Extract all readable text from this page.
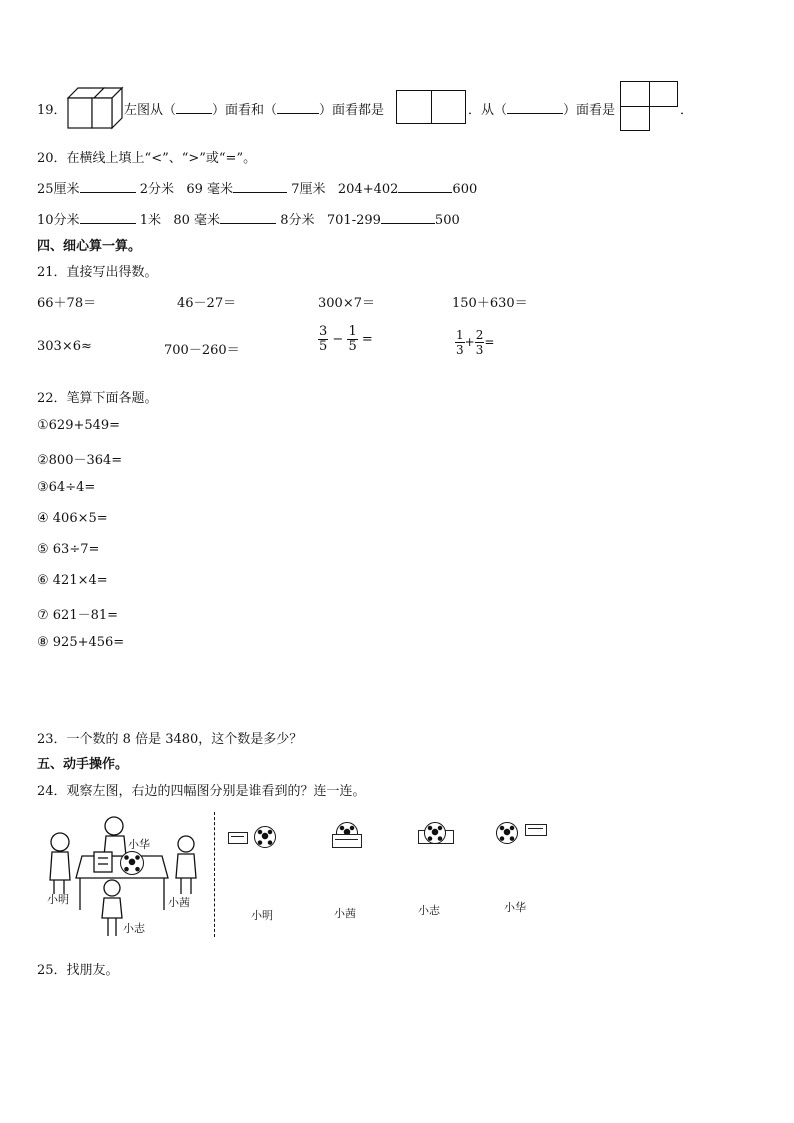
19．	左图从（	）面看和（	）面看都是	．从（	）面看是	．
20．在横线上填上“<”、“>”或“=”。
25厘米	2分米 69 毫米	7厘米 204+402	600
10分米	1米 80 毫米	8分米 701-299	500
四、细心算一算。
21．直接写出得数。
66＋78＝	46－27＝	300×7＝	150＋630＝
303×6≈	700－260＝	$\frac{3}{5} - \frac{1}{5}$ =	$\frac{1}{3} + \frac{2}{3}$ =
22．笔算下面各题。
①629+549=
②800－364=
③64÷4=
④ 406×5=
⑤ 63÷7=
⑥ 421×4=
⑦ 621－81=
⑧ 925+456=
23．一个数的 8 倍是 3480，这个数是多少？
五、动手操作。
24．观察左图，右边的四幅图分别是谁看到的？连一连。
小华
小明	小茜
小志
小明	小茜	小志	小华
25．找朋友。
